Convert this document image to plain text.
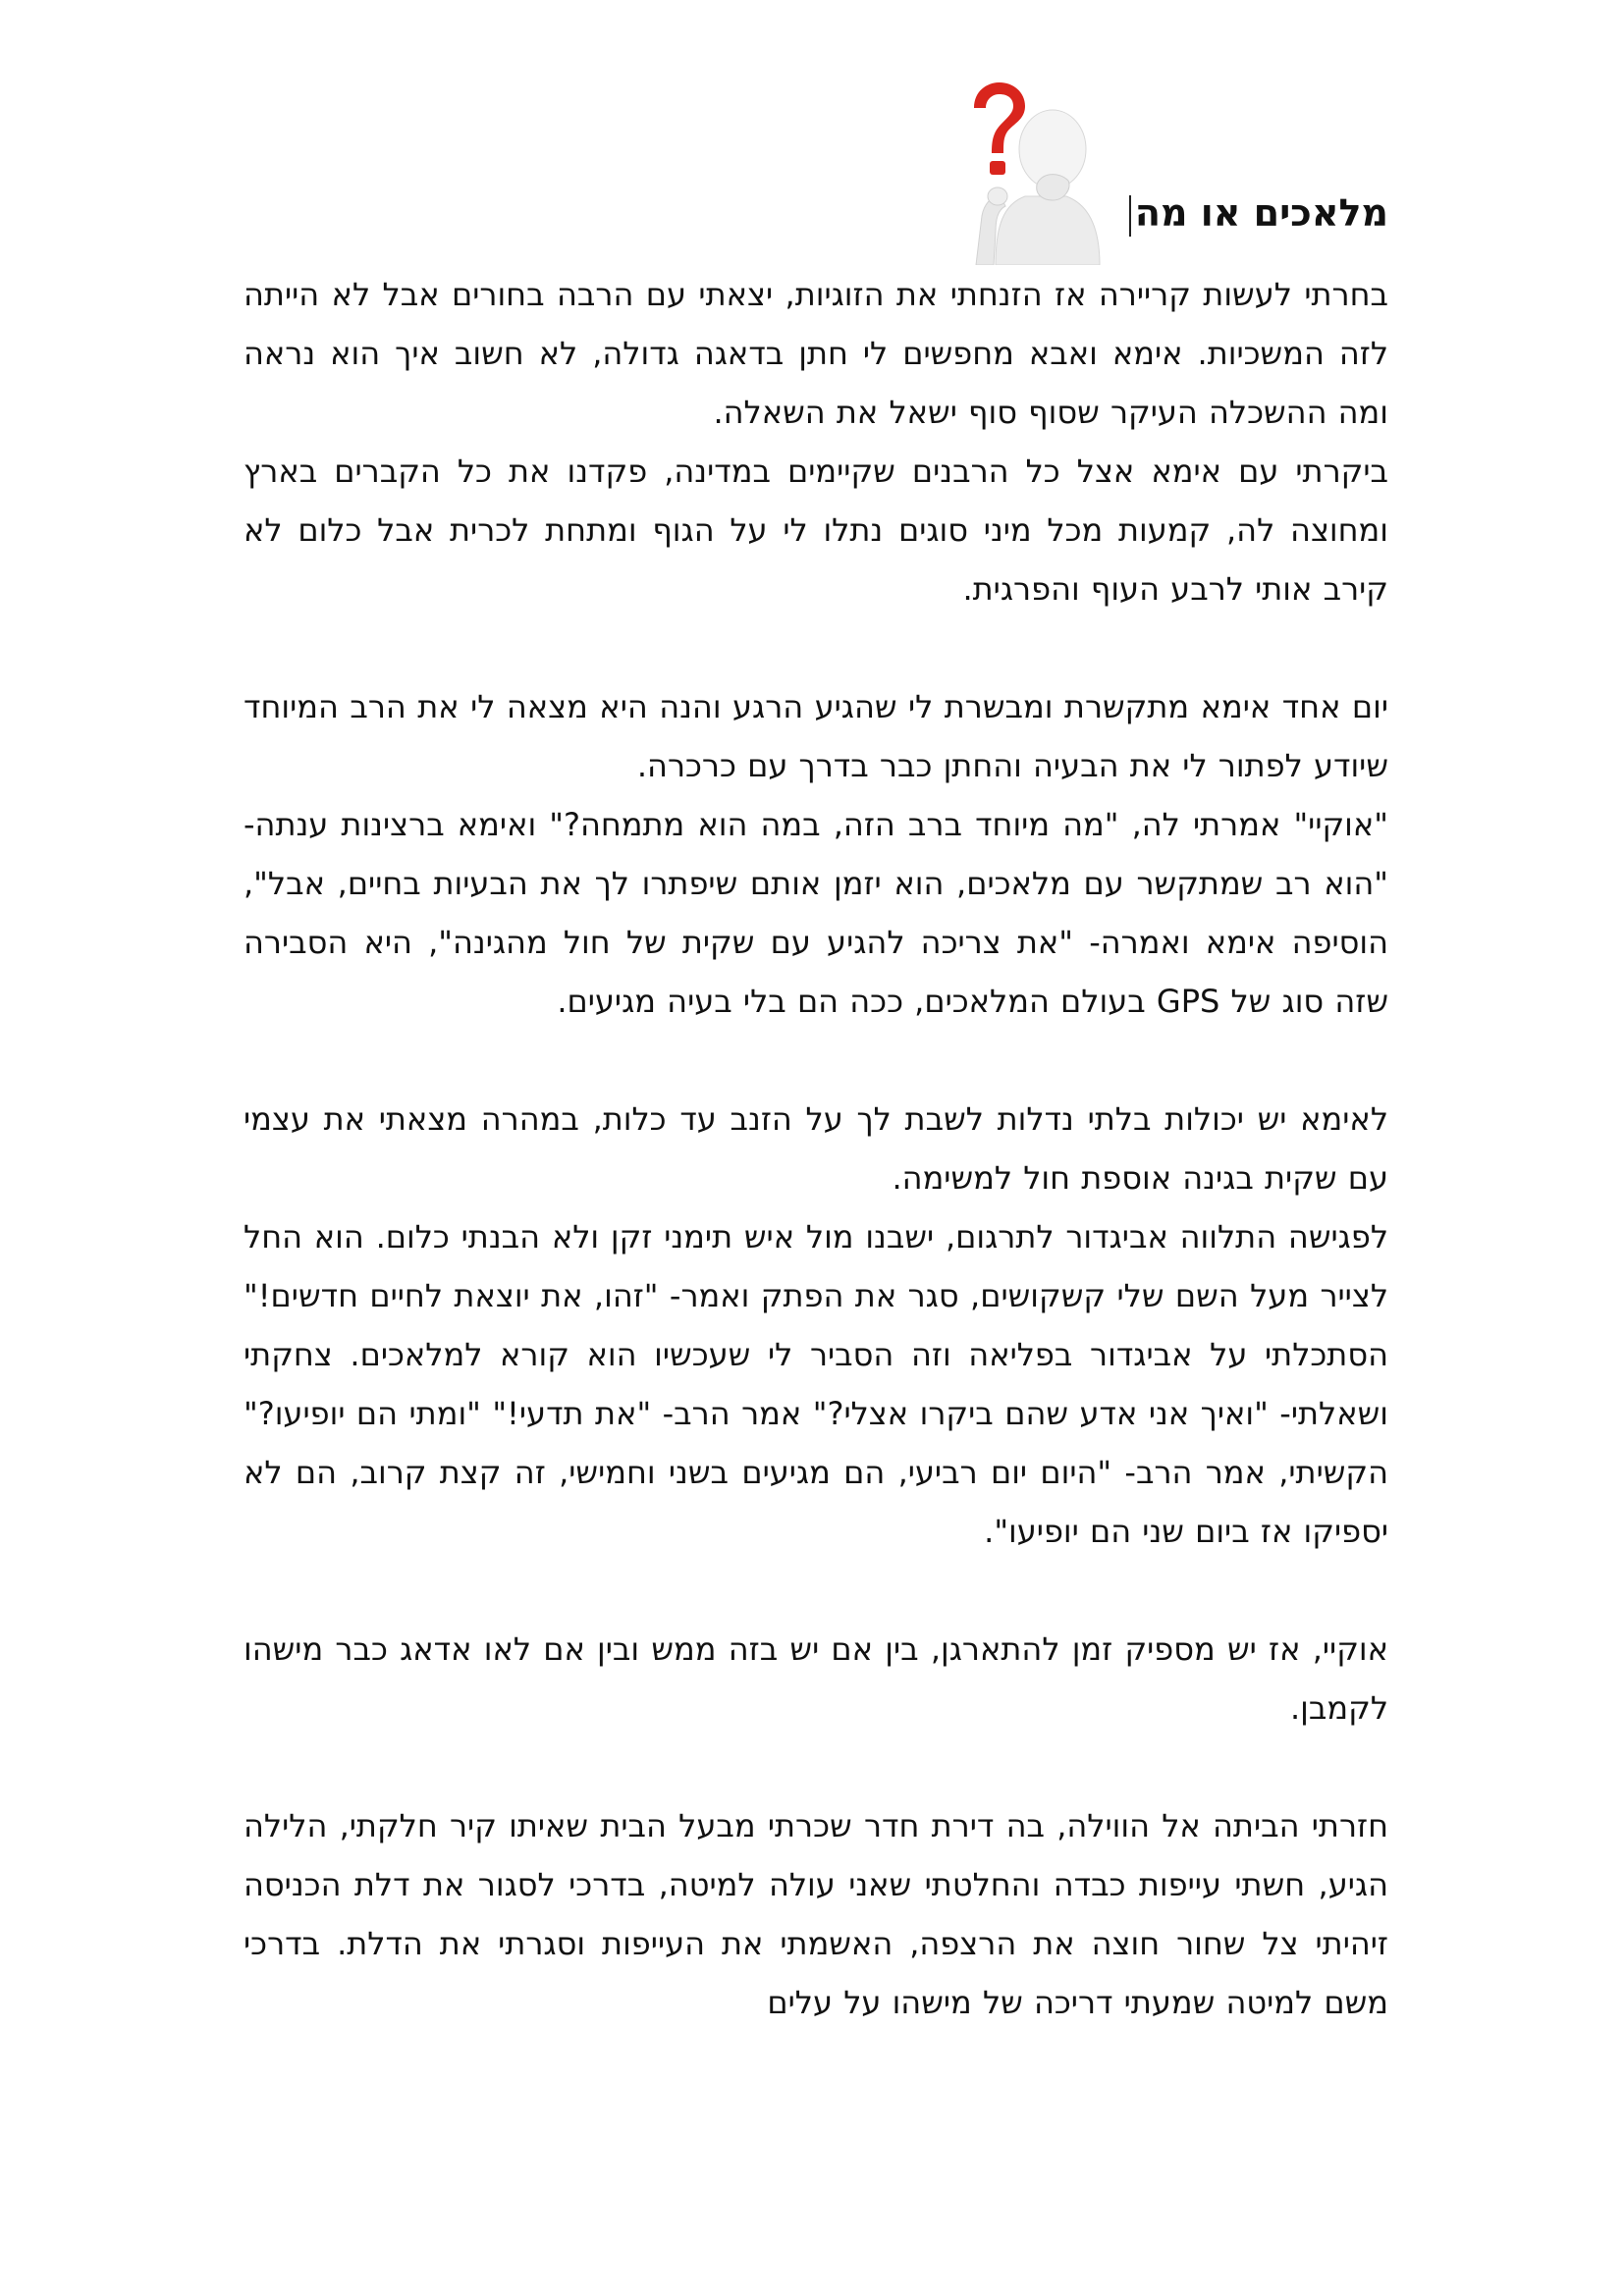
מלאכים או מה

בחרתי לעשות קריירה אז הזנחתי את הזוגיות, יצאתי עם הרבה בחורים אבל לא הייתה לזה המשכיות. אימא ואבא מחפשים לי חתן בדאגה גדולה, לא חשוב איך הוא נראה ומה ההשכלה העיקר שסוף סוף ישאל את השאלה.

ביקרתי עם אימא אצל כל הרבנים שקיימים במדינה, פקדנו את כל הקברים בארץ ומחוצה לה, קמעות מכל מיני סוגים נתלו לי על הגוף ומתחת לכרית אבל כלום לא קירב אותי לרבע העוף והפרגית.

יום אחד אימא מתקשרת ומבשרת לי שהגיע הרגע והנה היא מצאה לי את הרב המיוחד שיודע לפתור לי את הבעיה והחתן כבר בדרך עם כרכרה.

"אוקיי" אמרתי לה, "מה מיוחד ברב הזה, במה הוא מתמחה?" ואימא ברצינות ענתה- "הוא רב שמתקשר עם מלאכים, הוא יזמן אותם שיפתרו לך את הבעיות בחיים, אבל", הוסיפה אימא ואמרה- "את צריכה להגיע עם שקית של חול מהגינה", היא הסבירה שזה סוג של GPS בעולם המלאכים, ככה הם בלי בעיה מגיעים.

לאימא יש יכולות בלתי נדלות לשבת לך על הזנב עד כלות, במהרה מצאתי את עצמי עם שקית בגינה אוספת חול למשימה.

לפגישה התלווה אביגדור לתרגום, ישבנו מול איש תימני זקן ולא הבנתי כלום. הוא החל לצייר מעל השם שלי קשקושים, סגר את הפתק ואמר- "זהו, את יוצאת לחיים חדשים!" הסתכלתי על אביגדור בפליאה וזה הסביר לי שעכשיו הוא קורא למלאכים. צחקתי ושאלתי- "ואיך אני אדע שהם ביקרו אצלי?" אמר הרב- "את תדעי!" "ומתי הם יופיעו?" הקשיתי, אמר הרב- "היום יום רביעי, הם מגיעים בשני וחמישי, זה קצת קרוב, הם לא יספיקו אז ביום שני הם יופיעו".

אוקיי, אז יש מספיק זמן להתארגן, בין אם יש בזה ממש ובין אם לאו אדאג כבר מישהו לקמבן.

חזרתי הביתה אל הווילה, בה דירת חדר שכרתי מבעל הבית שאיתו קיר חלקתי, הלילה הגיע, חשתי עייפות כבדה והחלטתי שאני עולה למיטה, בדרכי לסגור את דלת הכניסה זיהיתי צל שחור חוצה את הרצפה, האשמתי את העייפות וסגרתי את הדלת. בדרכי משם למיטה שמעתי דריכה של מישהו על עלים
